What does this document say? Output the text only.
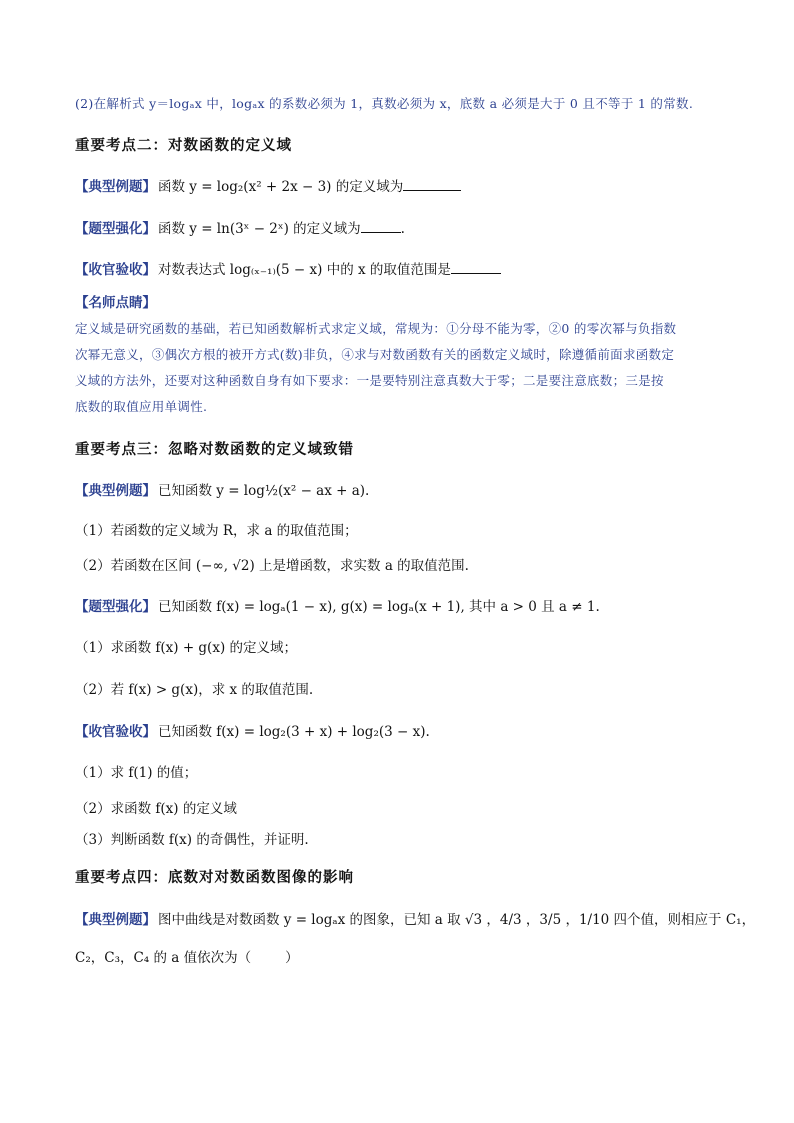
(2)在解析式 y＝logₐx 中，logₐx 的系数必须为 1，真数必须为 x，底数 a 必须是大于 0 且不等于 1 的常数.
重要考点二：对数函数的定义域
【典型例题】 函数 y = log₂(x² + 2x − 3) 的定义域为
【题型强化】 函数 y = ln(3ˣ − 2ˣ) 的定义域为	.
【收官验收】 对数表达式 log₍ₓ₋₁₎(5 − x) 中的 x 的取值范围是
【名师点睛】
定义域是研究函数的基础，若已知函数解析式求定义域，常规为：①分母不能为零，②0 的零次幂与负指数
次幂无意义，③偶次方根的被开方式(数)非负，④求与对数函数有关的函数定义域时，除遵循前面求函数定
义域的方法外，还要对这种函数自身有如下要求：一是要特别注意真数大于零；二是要注意底数；三是按
底数的取值应用单调性.
重要考点三：忽略对数函数的定义域致错
【典型例题】 已知函数 y = log½(x² − ax + a).
（1）若函数的定义域为 R，求 a 的取值范围；
（2）若函数在区间 (−∞, √2) 上是增函数，求实数 a 的取值范围.
【题型强化】 已知函数 f(x) = logₐ(1 − x), g(x) = logₐ(x + 1), 其中 a > 0 且 a ≠ 1.
（1）求函数 f(x) + g(x) 的定义域；
（2）若 f(x) > g(x)，求 x 的取值范围.
【收官验收】 已知函数 f(x) = log₂(3 + x) + log₂(3 − x).
（1）求 f(1) 的值；
（2）求函数 f(x) 的定义域
（3）判断函数 f(x) 的奇偶性，并证明.
重要考点四：底数对对数函数图像的影响
【典型例题】 图中曲线是对数函数 y = logₐx 的图象，已知 a 取 √3 ，4/3 ，3/5 ，1/10 四个值，则相应于 C₁，
C₂，C₃，C₄ 的 a 值依次为（	）
